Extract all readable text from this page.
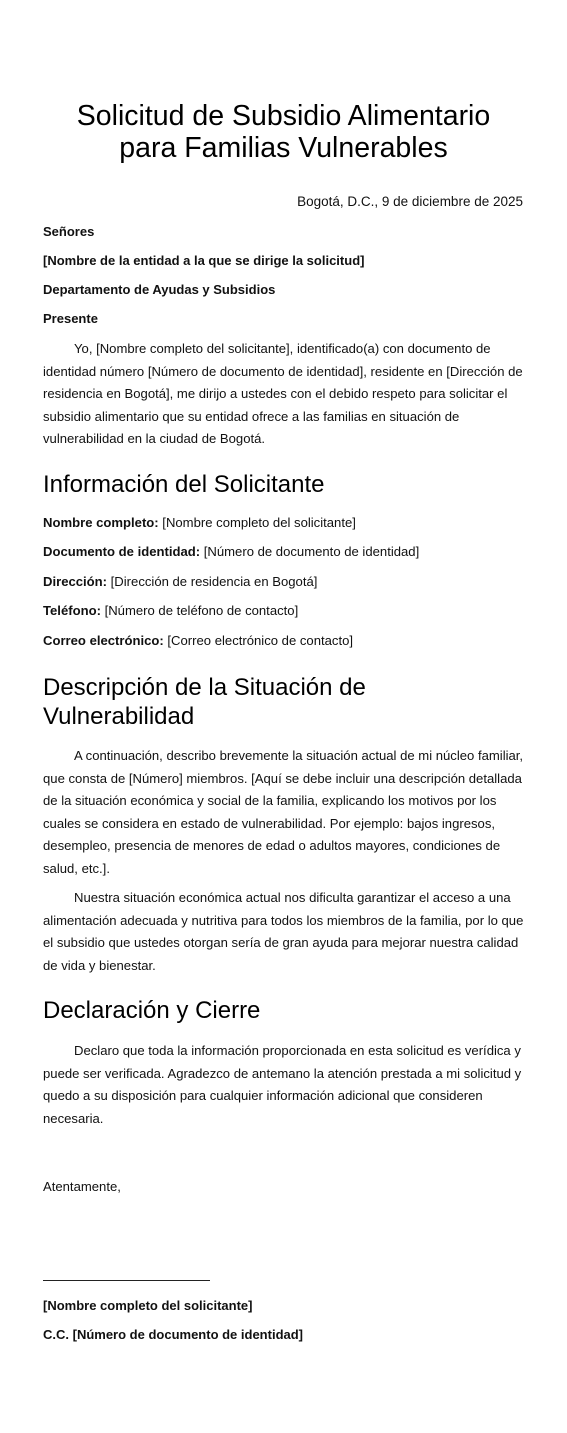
Solicitud de Subsidio Alimentario
para Familias Vulnerables
Bogotá, D.C., 9 de diciembre de 2025
Señores
[Nombre de la entidad a la que se dirige la solicitud]
Departamento de Ayudas y Subsidios
Presente

Yo, [Nombre completo del solicitante], identificado(a) con documento de identidad número [Número de documento de identidad], residente en [Dirección de residencia en Bogotá], me dirijo a ustedes con el debido respeto para solicitar el subsidio alimentario que su entidad ofrece a las familias en situación de vulnerabilidad en la ciudad de Bogotá.

Información del Solicitante
Nombre completo: [Nombre completo del solicitante]
Documento de identidad: [Número de documento de identidad]
Dirección: [Dirección de residencia en Bogotá]
Teléfono: [Número de teléfono de contacto]
Correo electrónico: [Correo electrónico de contacto]
Descripción de la Situación de Vulnerabilidad

A continuación, describo brevemente la situación actual de mi núcleo familiar, que consta de [Número] miembros. [Aquí se debe incluir una descripción detallada de la situación económica y social de la familia, explicando los motivos por los cuales se considera en estado de vulnerabilidad. Por ejemplo: bajos ingresos, desempleo, presencia de menores de edad o adultos mayores, condiciones de salud, etc.].

Nuestra situación económica actual nos dificulta garantizar el acceso a una alimentación adecuada y nutritiva para todos los miembros de la familia, por lo que el subsidio que ustedes otorgan sería de gran ayuda para mejorar nuestra calidad de vida y bienestar.

Declaración y Cierre

Declaro que toda la información proporcionada en esta solicitud es verídica y puede ser verificada. Agradezco de antemano la atención prestada a mi solicitud y quedo a su disposición para cualquier información adicional que consideren necesaria.

Atentamente,
[Nombre completo del solicitante]
C.C. [Número de documento de identidad]
